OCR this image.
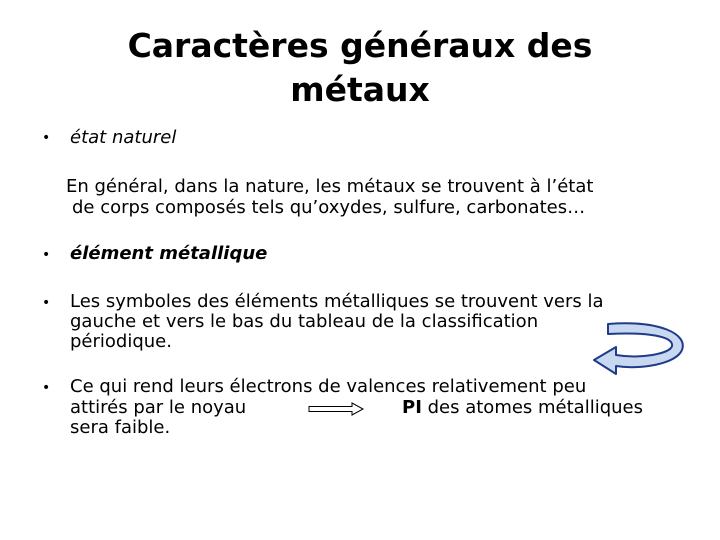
Caractères généraux des
métaux
• état naturel
En général, dans la nature, les métaux se trouvent à l’état
de corps composés tels qu’oxydes, sulfure, carbonates…
• élément métallique
• Les symboles des éléments métalliques se trouvent vers la
gauche et vers le bas du tableau de la classification
périodique.
• Ce qui rend leurs électrons de valences relativement peu
attirés par le noyau	PI des atomes métalliques
sera faible.
